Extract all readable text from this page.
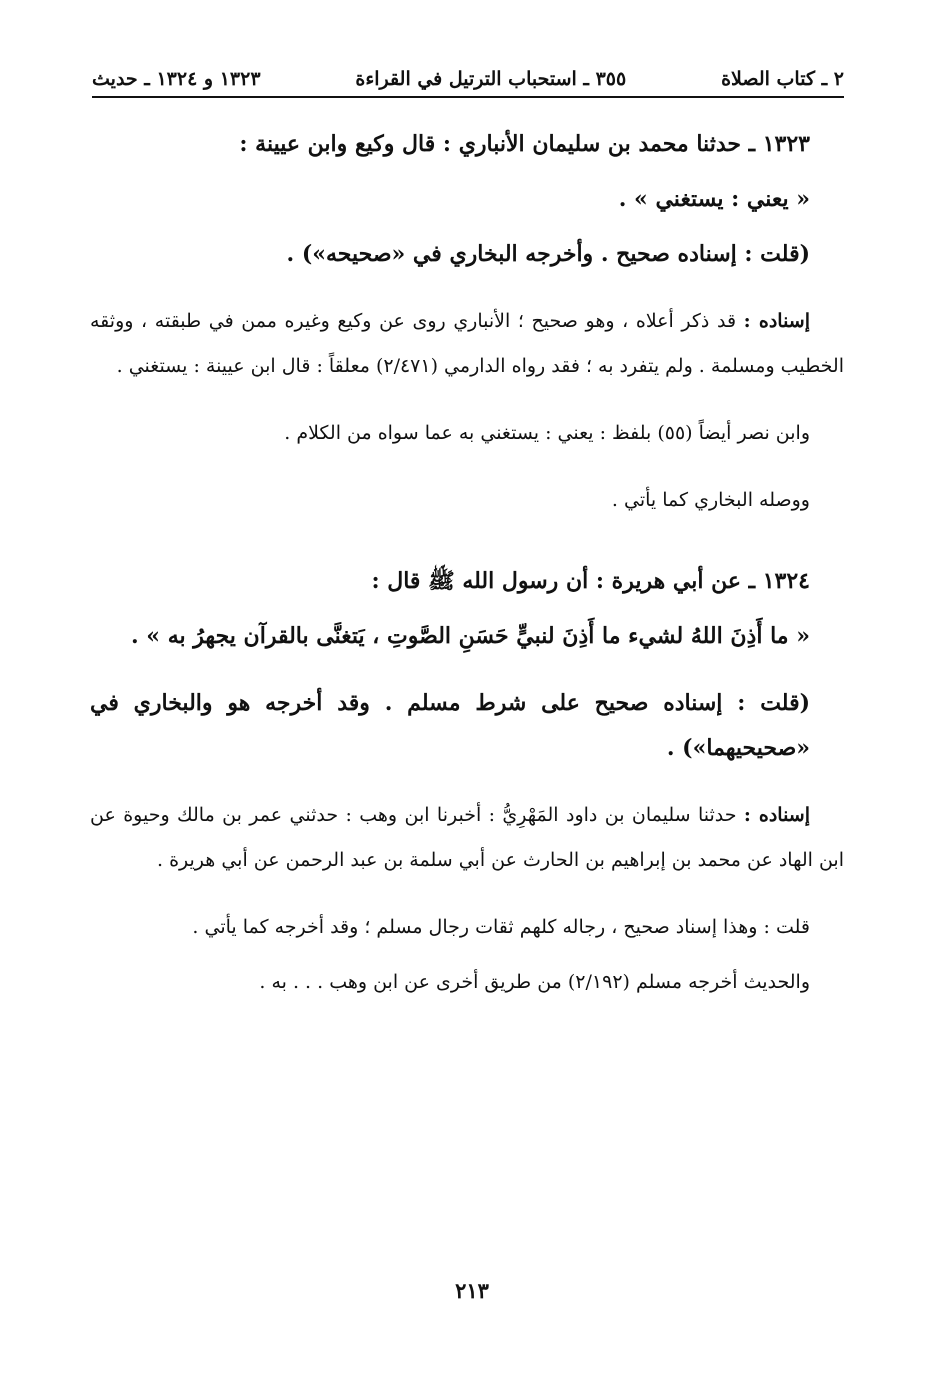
٢ ـ كتاب الصلاة
٣٥٥ ـ استحباب الترتيل في القراءة
١٣٢٣ و ١٣٢٤ ـ حديث

١٣٢٣ ـ حدثنا محمد بن سليمان الأنباري : قال وكيع وابن عيينة :

« يعني : يستغني » .

(قلت : إسناده صحيح . وأخرجه البخاري في «صحيحه») .

إسناده : قد ذكر أعلاه ، وهو صحيح ؛ الأنباري روى عن وكيع وغيره ممن في طبقته ، ووثقه الخطيب ومسلمة . ولم يتفرد به ؛ فقد رواه الدارمي (٢/٤٧١) معلقاً : قال ابن عيينة : يستغني .

وابن نصر أيضاً (٥٥) بلفظ : يعني : يستغني به عما سواه من الكلام .

ووصله البخاري كما يأتي .

١٣٢٤ ـ عن أبي هريرة : أن رسول الله ﷺ قال :

« ما أَذِنَ اللهُ لشيء ما أَذِنَ لنبيٍّ حَسَنِ الصَّوتِ ، يَتغنَّى بالقرآن يجهرُ به » .

(قلت : إسناده صحيح على شرط مسلم . وقد أخرجه هو والبخاري في «صحيحيهما») .

إسناده : حدثنا سليمان بن داود المَهْرِيُّ : أخبرنا ابن وهب : حدثني عمر بن مالك وحيوة عن ابن الهاد عن محمد بن إبراهيم بن الحارث عن أبي سلمة بن عبد الرحمن عن أبي هريرة .

قلت : وهذا إسناد صحيح ، رجاله كلهم ثقات رجال مسلم ؛ وقد أخرجه كما يأتي .

والحديث أخرجه مسلم (٢/١٩٢) من طريق أخرى عن ابن وهب . . . به .

٢١٣
